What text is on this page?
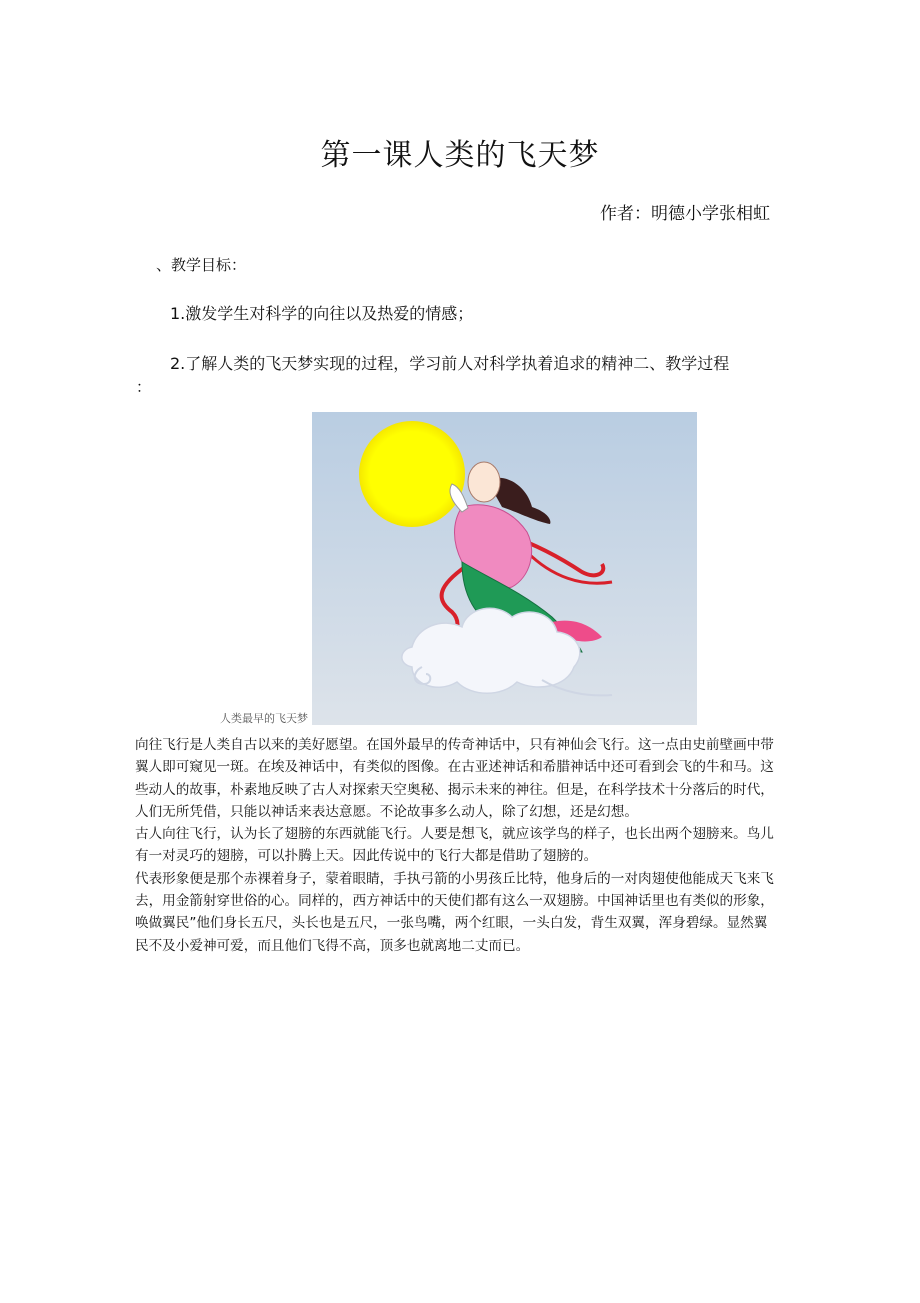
第一课人类的飞天梦
作者：明德小学张相虹
、教学目标：
1.激发学生对科学的向往以及热爱的情感；
2.了解人类的飞天梦实现的过程，学习前人对科学执着追求的精神二、教学过程
：
人类最早的飞天梦

向往飞行是人类自古以来的美好愿望。在国外最早的传奇神话中，只有神仙会飞行。这一点由史前壁画中带翼人即可窥见一斑。在埃及神话中，有类似的图像。在古亚述神话和希腊神话中还可看到会飞的牛和马。这些动人的故事，朴素地反映了古人对探索天空奥秘、揭示未来的神往。但是，在科学技术十分落后的时代，人们无所凭借，只能以神话来表达意愿。不论故事多么动人，除了幻想，还是幻想。

古人向往飞行，认为长了翅膀的东西就能飞行。人要是想飞，就应该学鸟的样子，也长出两个翅膀来。鸟儿有一对灵巧的翅膀，可以扑腾上天。因此传说中的飞行大都是借助了翅膀的。

代表形象便是那个赤裸着身子，蒙着眼睛，手执弓箭的小男孩丘比特，他身后的一对肉翅使他能成天飞来飞去，用金箭射穿世俗的心。同样的，西方神话中的天使们都有这么一双翅膀。中国神话里也有类似的形象，唤做翼民”他们身长五尺，头长也是五尺，一张鸟嘴，两个红眼，一头白发，背生双翼，浑身碧绿。显然翼民不及小爱神可爱，而且他们飞得不高，顶多也就离地二丈而已。
